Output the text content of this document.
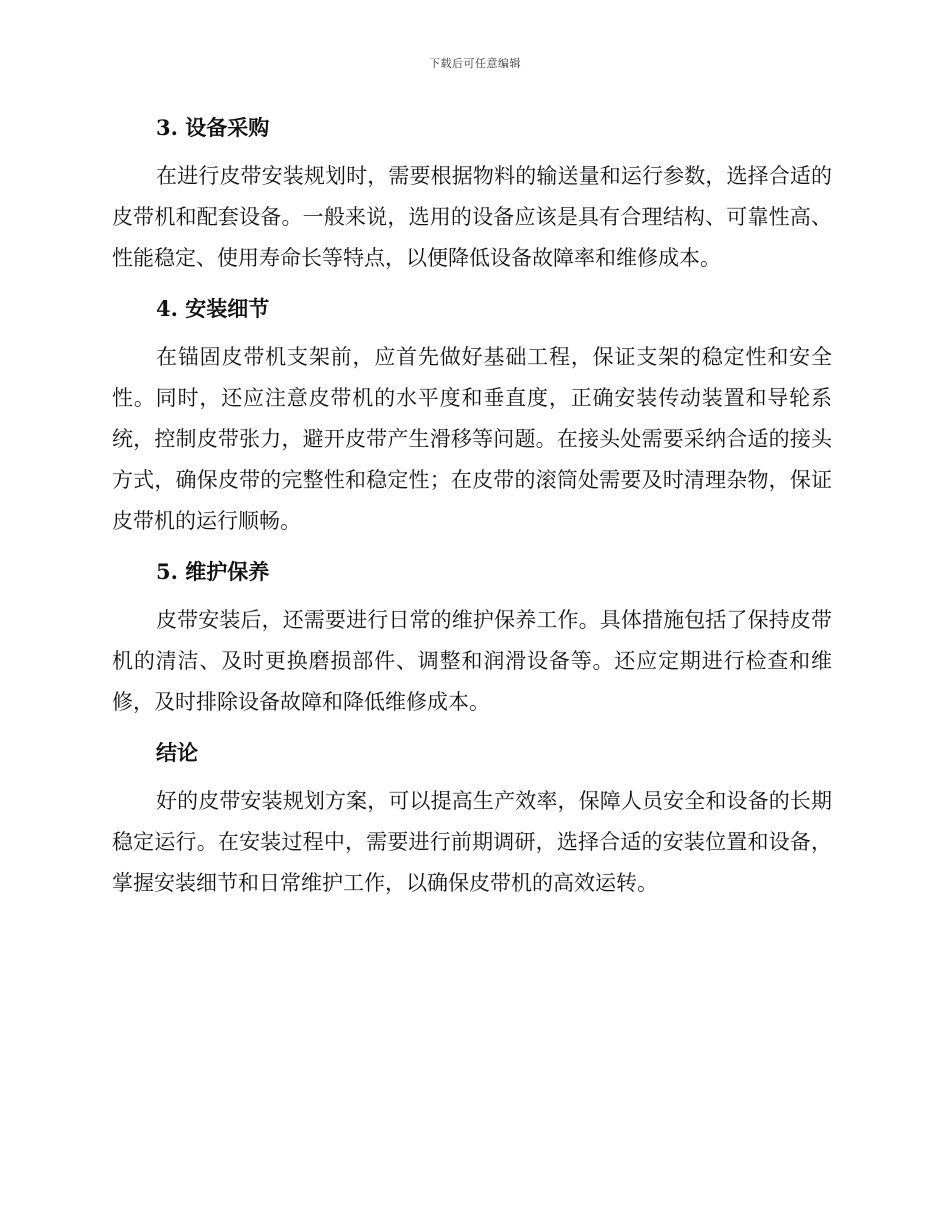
下载后可任意编辑
3. 设备采购

在进行皮带安装规划时，需要根据物料的输送量和运行参数，选择合适的皮带机和配套设备。一般来说，选用的设备应该是具有合理结构、可靠性高、性能稳定、使用寿命长等特点，以便降低设备故障率和维修成本。

4. 安装细节

在锚固皮带机支架前，应首先做好基础工程，保证支架的稳定性和安全性。同时，还应注意皮带机的水平度和垂直度，正确安装传动装置和导轮系统，控制皮带张力，避开皮带产生滑移等问题。在接头处需要采纳合适的接头方式，确保皮带的完整性和稳定性；在皮带的滚筒处需要及时清理杂物，保证皮带机的运行顺畅。

5. 维护保养

皮带安装后，还需要进行日常的维护保养工作。具体措施包括了保持皮带机的清洁、及时更换磨损部件、调整和润滑设备等。还应定期进行检查和维修，及时排除设备故障和降低维修成本。

结论

好的皮带安装规划方案，可以提高生产效率，保障人员安全和设备的长期稳定运行。在安装过程中，需要进行前期调研，选择合适的安装位置和设备，掌握安装细节和日常维护工作，以确保皮带机的高效运转。
